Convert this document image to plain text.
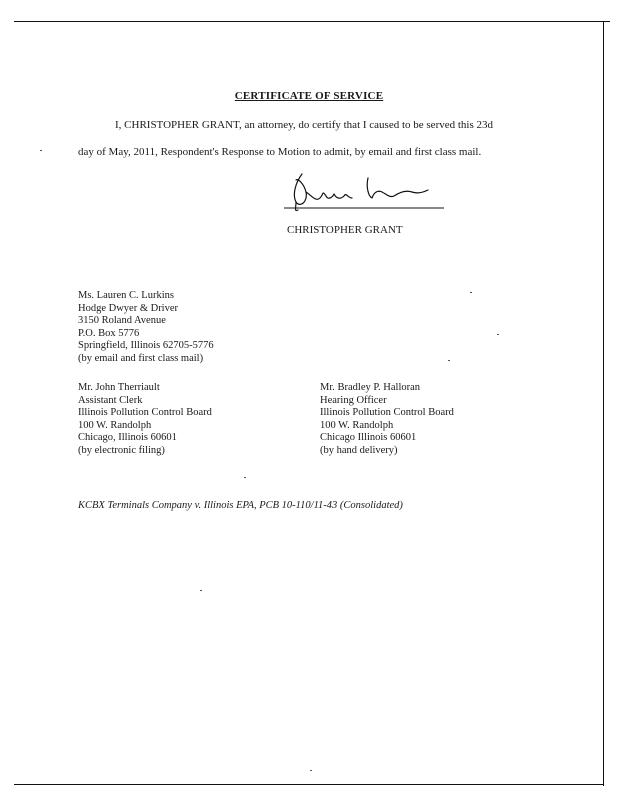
CERTIFICATE OF SERVICE
I, CHRISTOPHER GRANT, an attorney, do certify that I caused to be served this 23d
day of May, 2011, Respondent's Response to Motion to admit, by email and first class mail.
CHRISTOPHER GRANT
Ms. Lauren C. Lurkins
Hodge Dwyer & Driver
3150 Roland Avenue
P.O. Box 5776
Springfield, Illinois 62705-5776
(by email and first class mail)
Mr. John Therriault
Assistant Clerk
Illinois Pollution Control Board
100 W. Randolph
Chicago, Illinois 60601
(by electronic filing)
Mr. Bradley P. Halloran
Hearing Officer
Illinois Pollution Control Board
100 W. Randolph
Chicago Illinois 60601
(by hand delivery)
KCBX Terminals Company v. Illinois EPA, PCB 10-110/11-43 (Consolidated)
